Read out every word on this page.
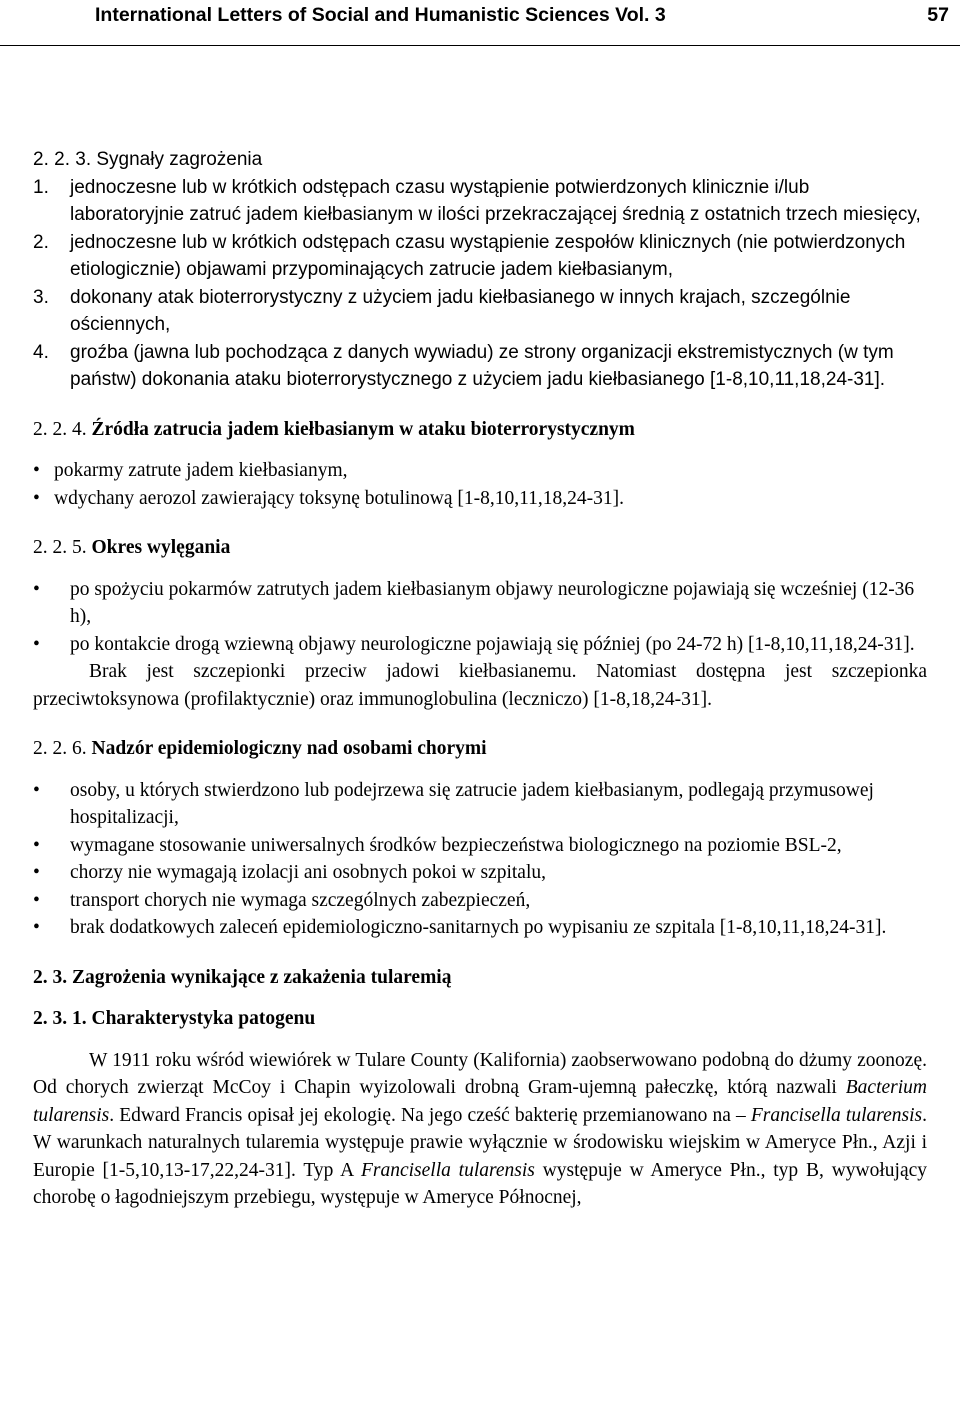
International Letters of Social and Humanistic Sciences Vol. 3	57
2. 2. 3. Sygnały zagrożenia
1. jednoczesne lub w krótkich odstępach czasu wystąpienie potwierdzonych klinicznie i/lub laboratoryjnie zatruć jadem kiełbasianym w ilości przekraczającej średnią z ostatnich trzech miesięcy,
2. jednoczesne lub w krótkich odstępach czasu wystąpienie zespołów klinicznych (nie potwierdzonych etiologicznie) objawami przypominających zatrucie jadem kiełbasianym,
3. dokonany atak bioterrorystyczny z użyciem jadu kiełbasianego w innych krajach, szczególnie ościennych,
4. groźba (jawna lub pochodząca z danych wywiadu) ze strony organizacji ekstremistycznych (w tym państw) dokonania ataku bioterrorystycznego z użyciem jadu kiełbasianego [1-8,10,11,18,24-31].
2. 2. 4. Źródła zatrucia jadem kiełbasianym w ataku bioterrorystycznym
• pokarmy zatrute jadem kiełbasianym,
• wdychany aerozol zawierający toksynę botulinową [1-8,10,11,18,24-31].
2. 2. 5. Okres wylęgania
• po spożyciu pokarmów zatrutych jadem kiełbasianym objawy neurologiczne pojawiają się wcześniej (12-36 h),
• po kontakcie drogą wziewną objawy neurologiczne pojawiają się później (po 24-72 h) [1-8,10,11,18,24-31].
Brak jest szczepionki przeciw jadowi kiełbasianemu. Natomiast dostępna jest szczepionka przeciwtoksynowa (profilaktycznie) oraz immunoglobulina (leczniczo) [1-8,18,24-31].
2. 2. 6. Nadzór epidemiologiczny nad osobami chorymi
• osoby, u których stwierdzono lub podejrzewa się zatrucie jadem kiełbasianym, podlegają przymusowej hospitalizacji,
• wymagane stosowanie uniwersalnych środków bezpieczeństwa biologicznego na poziomie BSL-2,
• chorzy nie wymagają izolacji ani osobnych pokoi w szpitalu,
• transport chorych nie wymaga szczególnych zabezpieczeń,
• brak dodatkowych zaleceń epidemiologiczno-sanitarnych po wypisaniu ze szpitala [1-8,10,11,18,24-31].
2. 3. Zagrożenia wynikające z zakażenia tularemią
2. 3. 1. Charakterystyka patogenu
W 1911 roku wśród wiewiórek w Tulare County (Kalifornia) zaobserwowano podobną do dżumy zoonozę. Od chorych zwierząt McCoy i Chapin wyizolowali drobną Gram-ujemną pałeczkę, którą nazwali Bacterium tularensis. Edward Francis opisał jej ekologię. Na jego cześć bakterię przemianowano na – Francisella tularensis. W warunkach naturalnych tularemia występuje prawie wyłącznie w środowisku wiejskim w Ameryce Płn., Azji i Europie [1-5,10,13-17,22,24-31]. Typ A Francisella tularensis występuje w Ameryce Płn., typ B, wywołujący chorobę o łagodniejszym przebiegu, występuje w Ameryce Północnej,
